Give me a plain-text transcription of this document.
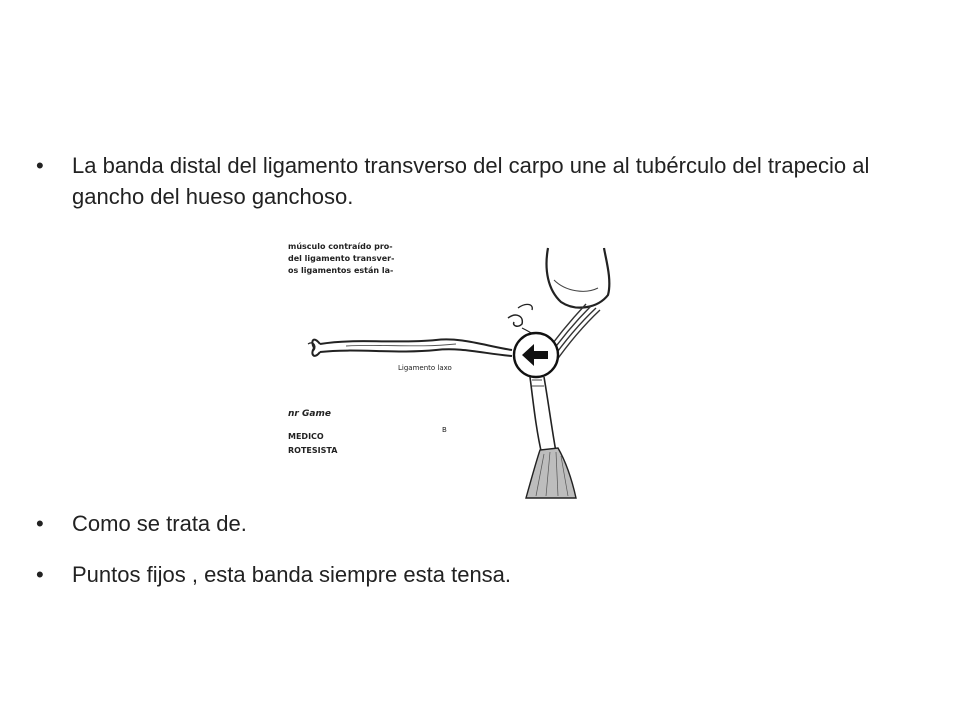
•	La banda distal del ligamento transverso del carpo une al tubérculo del trapecio al gancho del hueso ganchoso.
músculo contraído pro-
del ligamento transver-
os ligamentos están la-
Ligamento laxo
B
nr Game
MEDICO
ROTESISTA
•	Como se trata de.
•	Puntos fijos , esta banda siempre esta tensa.
